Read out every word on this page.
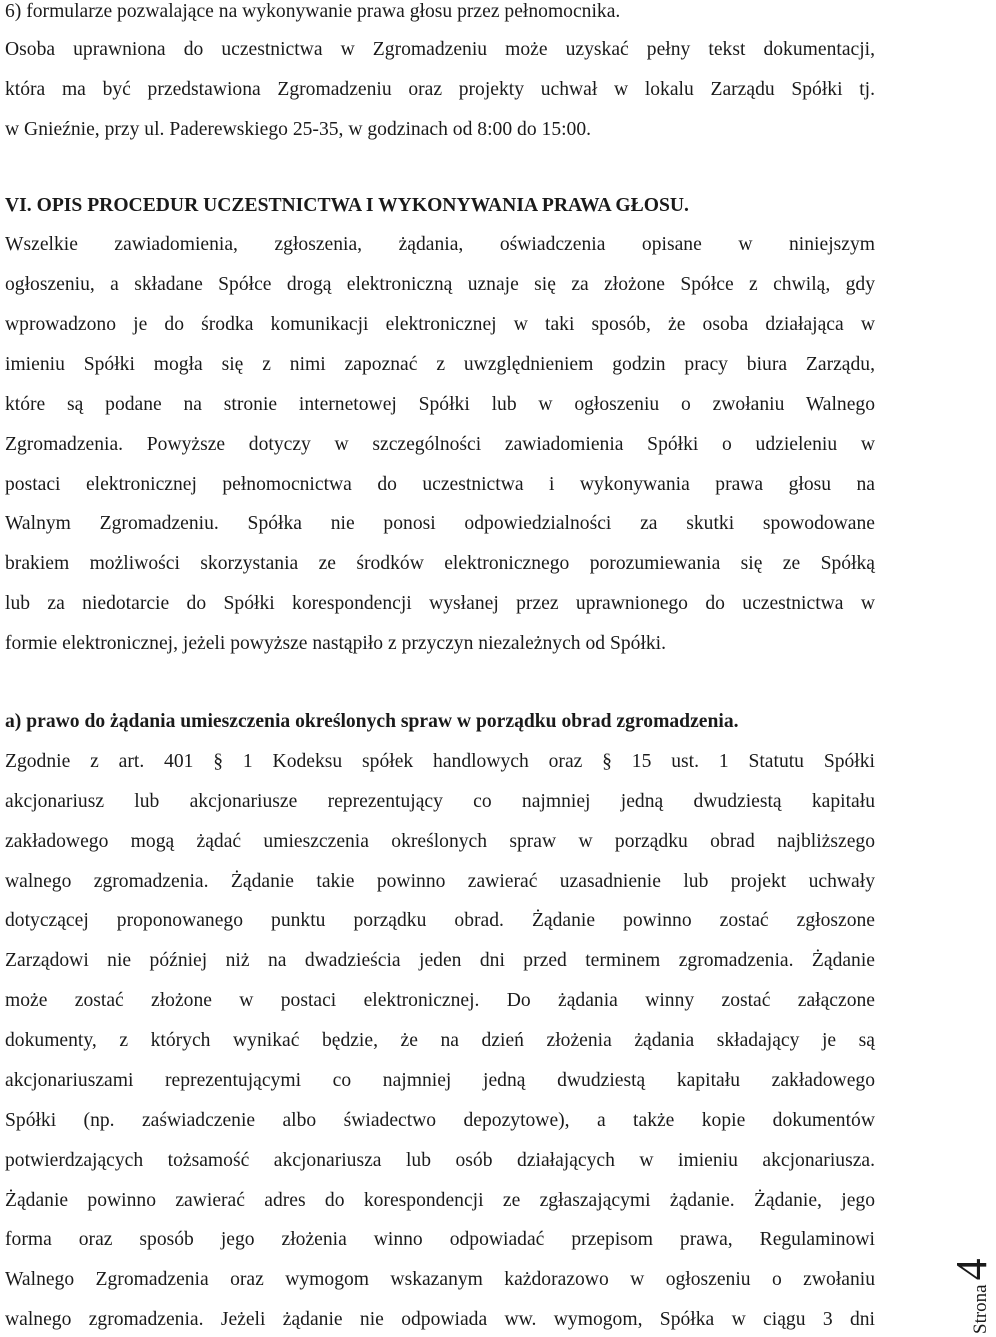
6) formularze pozwalające na wykonywanie prawa głosu przez pełnomocnika.

Osoba uprawniona do uczestnictwa w Zgromadzeniu może uzyskać pełny tekst dokumentacji,

która ma być przedstawiona Zgromadzeniu oraz projekty uchwał w lokalu Zarządu Spółki tj.

w Gnieźnie, przy ul. Paderewskiego 25-35, w godzinach od 8:00 do 15:00.

VI. OPIS PROCEDUR UCZESTNICTWA I WYKONYWANIA PRAWA GŁOSU.

Wszelkie zawiadomienia, zgłoszenia, żądania, oświadczenia opisane w niniejszym

ogłoszeniu, a składane Spółce drogą elektroniczną uznaje się za złożone Spółce z chwilą, gdy

wprowadzono je do środka komunikacji elektronicznej w taki sposób, że osoba działająca w

imieniu Spółki mogła się z nimi zapoznać z uwzględnieniem godzin pracy biura Zarządu,

które są podane na stronie internetowej Spółki lub w ogłoszeniu o zwołaniu Walnego

Zgromadzenia. Powyższe dotyczy w szczególności zawiadomienia Spółki o udzieleniu w

postaci elektronicznej pełnomocnictwa do uczestnictwa i wykonywania prawa głosu na

Walnym Zgromadzeniu. Spółka nie ponosi odpowiedzialności za skutki spowodowane

brakiem możliwości skorzystania ze środków elektronicznego porozumiewania się ze Spółką

lub za niedotarcie do Spółki korespondencji wysłanej przez uprawnionego do uczestnictwa w

formie elektronicznej, jeżeli powyższe nastąpiło z przyczyn niezależnych od Spółki.

a) prawo do żądania umieszczenia określonych spraw w porządku obrad zgromadzenia.

Zgodnie z art. 401 § 1 Kodeksu spółek handlowych oraz § 15 ust. 1 Statutu Spółki

akcjonariusz lub akcjonariusze reprezentujący co najmniej jedną dwudziestą kapitału

zakładowego mogą żądać umieszczenia określonych spraw w porządku obrad najbliższego

walnego zgromadzenia. Żądanie takie powinno zawierać uzasadnienie lub projekt uchwały

dotyczącej proponowanego punktu porządku obrad. Żądanie powinno zostać zgłoszone

Zarządowi nie później niż na dwadzieścia jeden dni przed terminem zgromadzenia. Żądanie

może zostać złożone w postaci elektronicznej. Do żądania winny zostać załączone

dokumenty, z których wynikać będzie, że na dzień złożenia żądania składający je są

akcjonariuszami reprezentującymi co najmniej jedną dwudziestą kapitału zakładowego

Spółki (np. zaświadczenie albo świadectwo depozytowe), a także kopie dokumentów

potwierdzających tożsamość akcjonariusza lub osób działających w imieniu akcjonariusza.

Żądanie powinno zawierać adres do korespondencji ze zgłaszającymi żądanie. Żądanie, jego

forma oraz sposób jego złożenia winno odpowiadać przepisom prawa, Regulaminowi

Walnego Zgromadzenia oraz wymogom wskazanym każdorazowo w ogłoszeniu o zwołaniu

walnego zgromadzenia. Jeżeli żądanie nie odpowiada ww. wymogom, Spółka w ciągu 3 dni	Strona4
